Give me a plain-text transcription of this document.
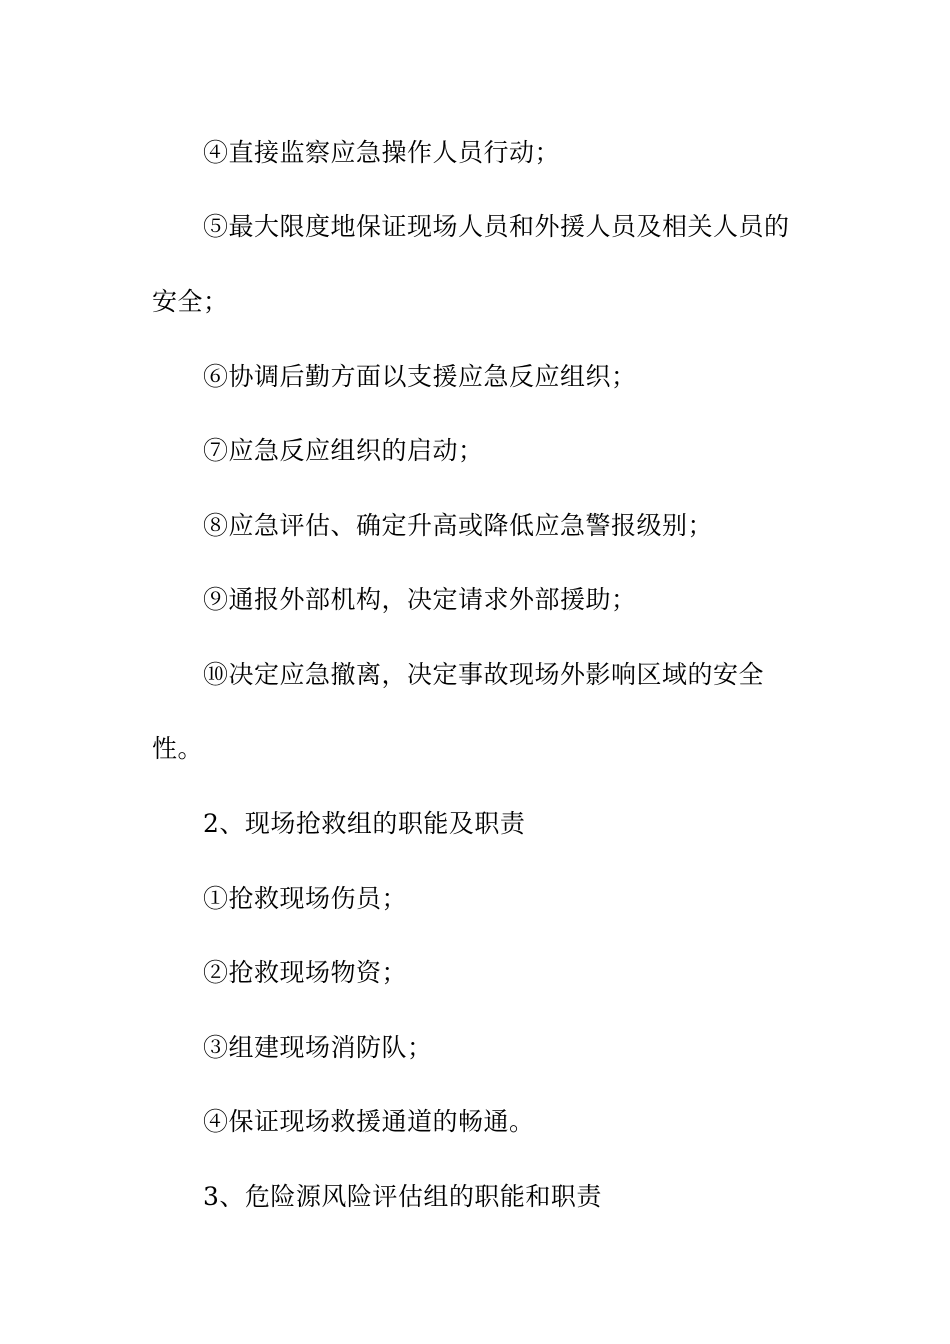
④直接监察应急操作人员行动；
⑤最大限度地保证现场人员和外援人员及相关人员的
安全；
⑥协调后勤方面以支援应急反应组织；
⑦应急反应组织的启动；
⑧应急评估、确定升高或降低应急警报级别；
⑨通报外部机构，决定请求外部援助；
⑩决定应急撤离，决定事故现场外影响区域的安全
性。
2、现场抢救组的职能及职责
①抢救现场伤员；
②抢救现场物资；
③组建现场消防队；
④保证现场救援通道的畅通。
3、危险源风险评估组的职能和职责
